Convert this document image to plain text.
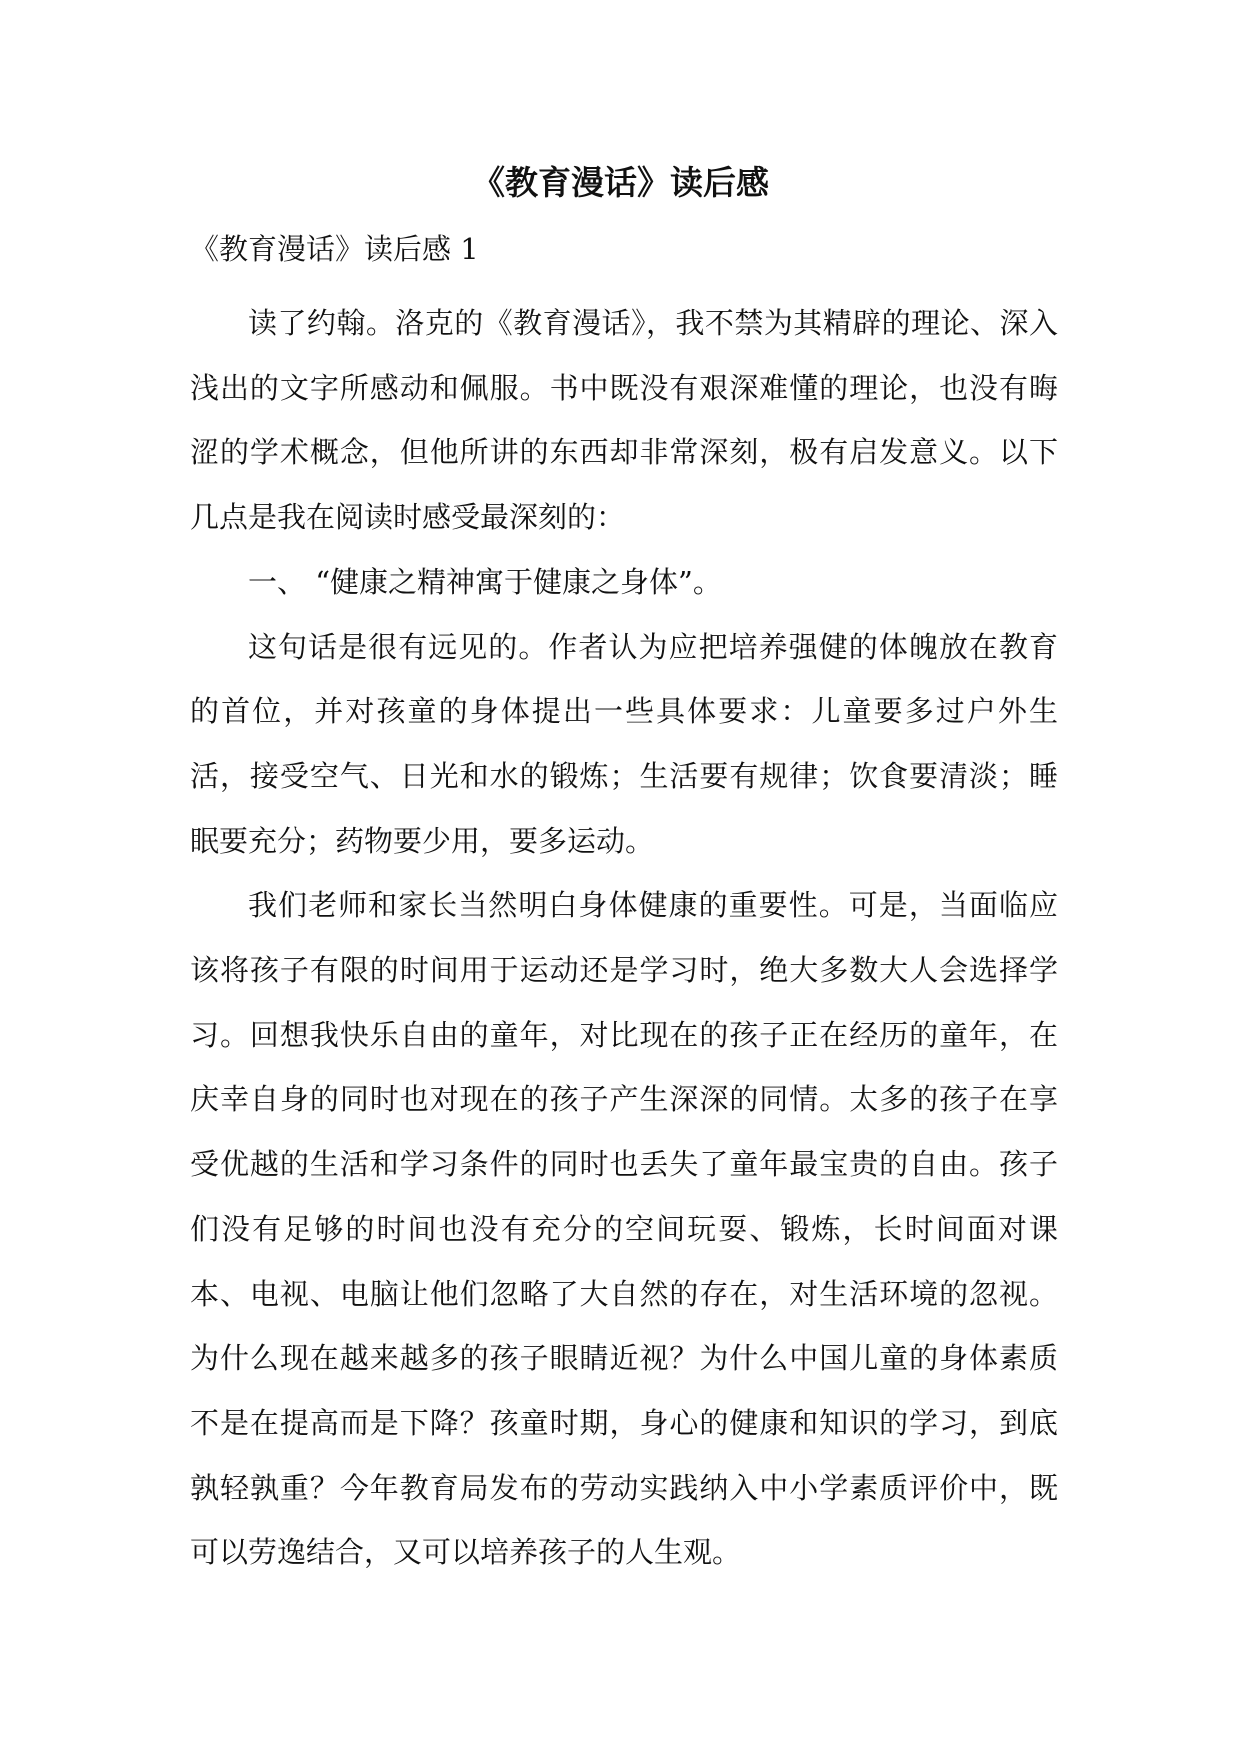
《教育漫话》读后感
《教育漫话》读后感 1

读了约翰。洛克的《教育漫话》，我不禁为其精辟的理论、深入浅出的文字所感动和佩服。书中既没有艰深难懂的理论，也没有晦涩的学术概念，但他所讲的东西却非常深刻，极有启发意义。以下几点是我在阅读时感受最深刻的：

一、 “健康之精神寓于健康之身体”。

这句话是很有远见的。作者认为应把培养强健的体魄放在教育的首位，并对孩童的身体提出一些具体要求：儿童要多过户外生活，接受空气、日光和水的锻炼；生活要有规律；饮食要清淡；睡眠要充分；药物要少用，要多运动。

我们老师和家长当然明白身体健康的重要性。可是，当面临应该将孩子有限的时间用于运动还是学习时，绝大多数大人会选择学习。回想我快乐自由的童年，对比现在的孩子正在经历的童年，在庆幸自身的同时也对现在的孩子产生深深的同情。太多的孩子在享受优越的生活和学习条件的同时也丢失了童年最宝贵的自由。孩子们没有足够的时间也没有充分的空间玩耍、锻炼，长时间面对课本、电视、电脑让他们忽略了大自然的存在，对生活环境的忽视。为什么现在越来越多的孩子眼睛近视？为什么中国儿童的身体素质不是在提高而是下降？孩童时期，身心的健康和知识的学习，到底孰轻孰重？今年教育局发布的劳动实践纳入中小学素质评价中，既可以劳逸结合，又可以培养孩子的人生观。
